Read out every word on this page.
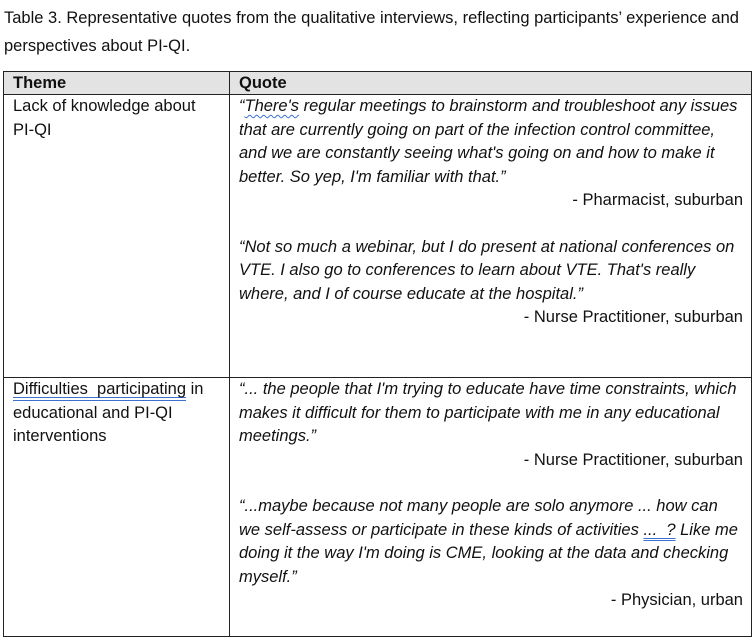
Table 3. Representative quotes from the qualitative interviews, reflecting participants’ experience and perspectives about PI-QI.

Theme	Quote

Lack of knowledge about PI-QI	“There's regular meetings to brainstorm and troubleshoot any issues that are currently going on part of the infection control committee, and we are constantly seeing what's going on and how to make it better. So yep, I'm familiar with that.”
- Pharmacist, suburban
“Not so much a webinar, but I do present at national conferences on VTE. I also go to conferences to learn about VTE. That's really where, and I of course educate at the hospital.”
- Nurse Practitioner, suburban

Difficulties  participating in educational and PI-QI interventions	“... the people that I'm trying to educate have time constraints, which makes it difficult for them to participate with me in any educational meetings.”
- Nurse Practitioner, suburban
“...maybe because not many people are solo anymore ... how can we self-assess or participate in these kinds of activities ...  ? Like me doing it the way I'm doing is CME, looking at the data and checking myself.”
- Physician, urban
